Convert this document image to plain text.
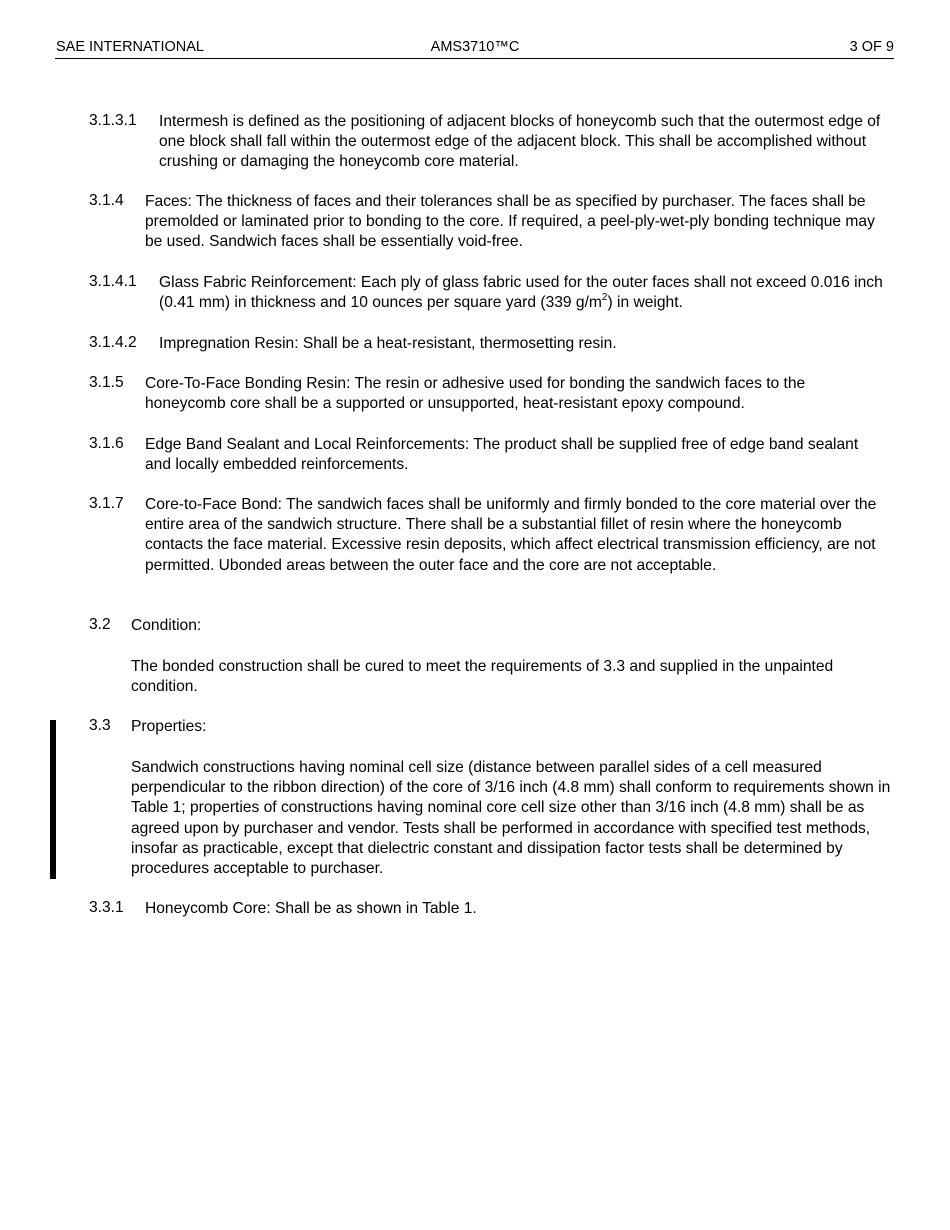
SAE INTERNATIONAL	AMS3710™C	3 OF 9
3.1.3.1 Intermesh is defined as the positioning of adjacent blocks of honeycomb such that the outermost edge of one block shall fall within the outermost edge of the adjacent block. This shall be accomplished without crushing or damaging the honeycomb core material.

3.1.4 Faces: The thickness of faces and their tolerances shall be as specified by purchaser. The faces shall be premolded or laminated prior to bonding to the core. If required, a peel-ply-wet-ply bonding technique may be used. Sandwich faces shall be essentially void-free.

3.1.4.1 Glass Fabric Reinforcement: Each ply of glass fabric used for the outer faces shall not exceed 0.016 inch (0.41 mm) in thickness and 10 ounces per square yard (339 $g/m^2$) in weight.

3.1.4.2 Impregnation Resin: Shall be a heat-resistant, thermosetting resin.

3.1.5 Core-To-Face Bonding Resin: The resin or adhesive used for bonding the sandwich faces to the honeycomb core shall be a supported or unsupported, heat-resistant epoxy compound.

3.1.6 Edge Band Sealant and Local Reinforcements: The product shall be supplied free of edge band sealant and locally embedded reinforcements.

3.1.7 Core-to-Face Bond: The sandwich faces shall be uniformly and firmly bonded to the core material over the entire area of the sandwich structure. There shall be a substantial fillet of resin where the honeycomb contacts the face material. Excessive resin deposits, which affect electrical transmission efficiency, are not permitted. Ubonded areas between the outer face and the core are not acceptable.

3.2 Condition:

The bonded construction shall be cured to meet the requirements of 3.3 and supplied in the unpainted condition.

3.3 Properties:

Sandwich constructions having nominal cell size (distance between parallel sides of a cell measured perpendicular to the ribbon direction) of the core of 3/16 inch (4.8 mm) shall conform to requirements shown in Table 1; properties of constructions having nominal core cell size other than 3/16 inch (4.8 mm) shall be as agreed upon by purchaser and vendor. Tests shall be performed in accordance with specified test methods, insofar as practicable, except that dielectric constant and dissipation factor tests shall be determined by procedures acceptable to purchaser.

3.3.1 Honeycomb Core: Shall be as shown in Table 1.
